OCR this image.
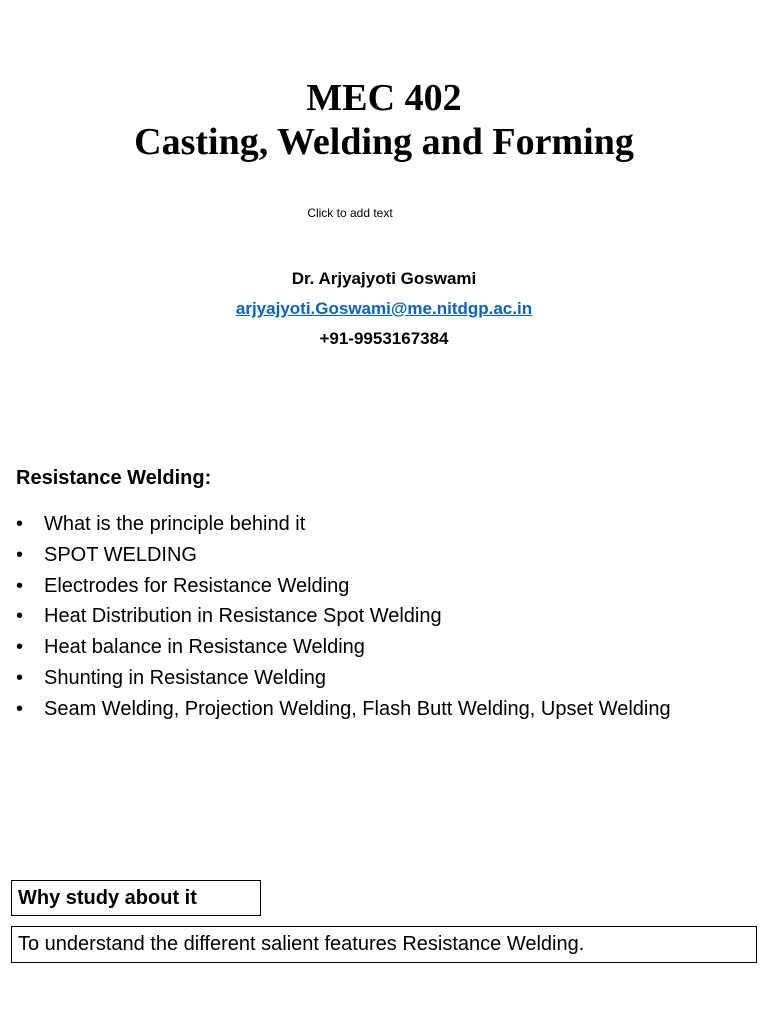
MEC 402
Casting, Welding and Forming
Click to add text
Dr. Arjyajyoti Goswami
arjyajyoti.Goswami@me.nitdgp.ac.in
+91-9953167384
Resistance Welding:
• What is the principle behind it
• SPOT WELDING
• Electrodes for Resistance Welding
• Heat Distribution in Resistance Spot Welding
• Heat balance in Resistance Welding
• Shunting in Resistance Welding
• Seam Welding, Projection Welding, Flash Butt Welding, Upset Welding
Why study about it
To understand the different salient features Resistance Welding.
